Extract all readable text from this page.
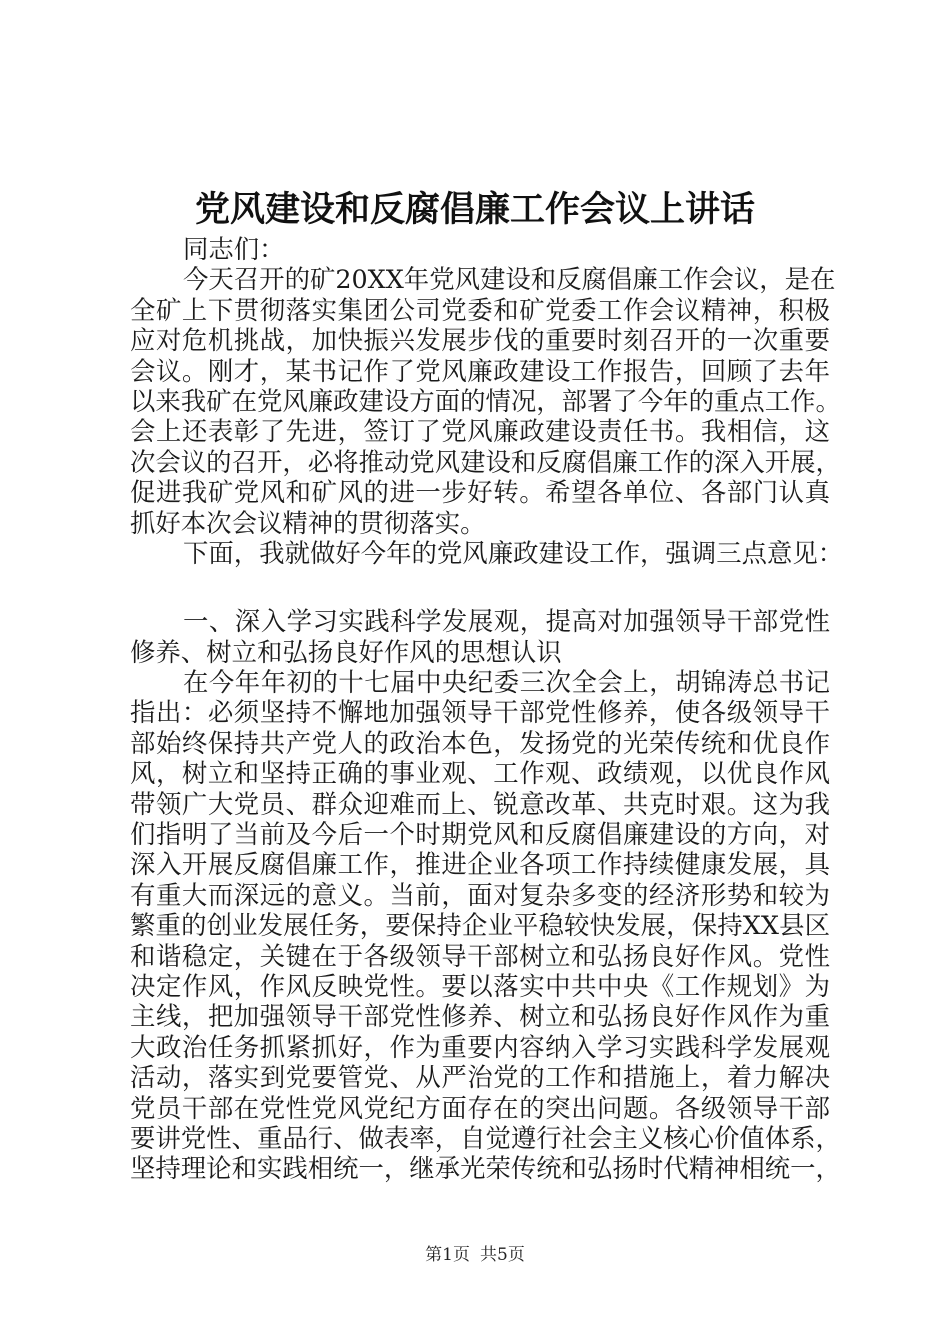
党风建设和反腐倡廉工作会议上讲话
同志们：
今天召开的矿20XX年党风建设和反腐倡廉工作会议，是在
全矿上下贯彻落实集团公司党委和矿党委工作会议精神，积极
应对危机挑战，加快振兴发展步伐的重要时刻召开的一次重要
会议。刚才，某书记作了党风廉政建设工作报告，回顾了去年
以来我矿在党风廉政建设方面的情况，部署了今年的重点工作。
会上还表彰了先进，签订了党风廉政建设责任书。我相信，这
次会议的召开，必将推动党风建设和反腐倡廉工作的深入开展，
促进我矿党风和矿风的进一步好转。希望各单位、各部门认真
抓好本次会议精神的贯彻落实。
下面，我就做好今年的党风廉政建设工作，强调三点意见：
一、深入学习实践科学发展观，提高对加强领导干部党性
修养、树立和弘扬良好作风的思想认识
在今年年初的十七届中央纪委三次全会上，胡锦涛总书记
指出：必须坚持不懈地加强领导干部党性修养，使各级领导干
部始终保持共产党人的政治本色，发扬党的光荣传统和优良作
风，树立和坚持正确的事业观、工作观、政绩观，以优良作风
带领广大党员、群众迎难而上、锐意改革、共克时艰。这为我
们指明了当前及今后一个时期党风和反腐倡廉建设的方向，对
深入开展反腐倡廉工作，推进企业各项工作持续健康发展，具
有重大而深远的意义。当前，面对复杂多变的经济形势和较为
繁重的创业发展任务，要保持企业平稳较快发展，保持XX县区
和谐稳定，关键在于各级领导干部树立和弘扬良好作风。党性
决定作风，作风反映党性。要以落实中共中央《工作规划》为
主线，把加强领导干部党性修养、树立和弘扬良好作风作为重
大政治任务抓紧抓好，作为重要内容纳入学习实践科学发展观
活动，落实到党要管党、从严治党的工作和措施上，着力解决
党员干部在党性党风党纪方面存在的突出问题。各级领导干部
要讲党性、重品行、做表率，自觉遵行社会主义核心价值体系，
坚持理论和实践相统一，继承光荣传统和弘扬时代精神相统一，
第1页 共5页
